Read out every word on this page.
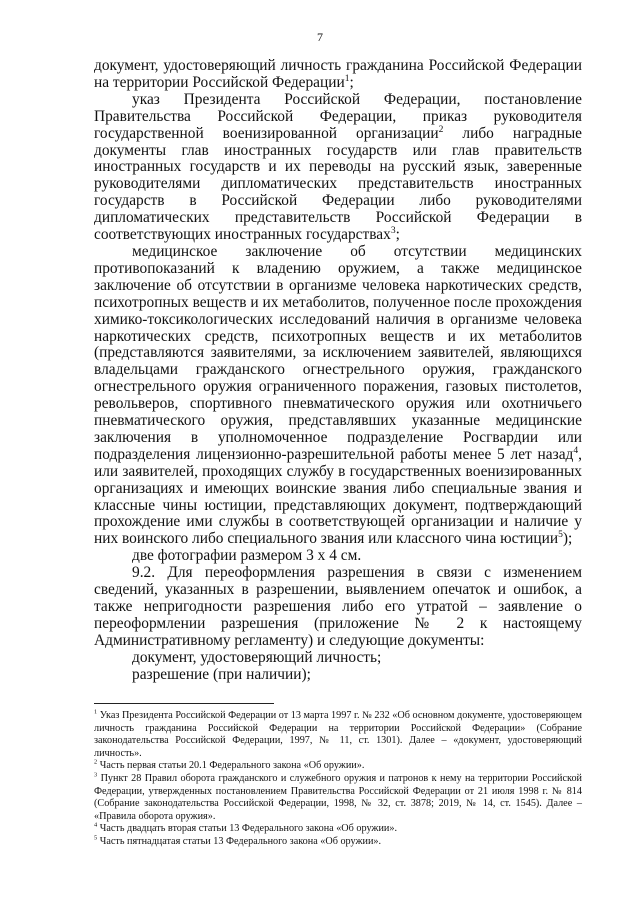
7

документ, удостоверяющий личность гражданина Российской Федерации на территории Российской Федерации$^1$;

указ Президента Российской Федерации, постановление Правительства Российской Федерации, приказ руководителя государственной военизированной организации$^2$ либо наградные документы глав иностранных государств или глав правительств иностранных государств и их переводы на русский язык, заверенные руководителями дипломатических представительств иностранных государств в Российской Федерации либо руководителями дипломатических представительств Российской Федерации в соответствующих иностранных государствах$^3$;

медицинское заключение об отсутствии медицинских противопоказаний к владению оружием, а также медицинское заключение об отсутствии в организме человека наркотических средств, психотропных веществ и их метаболитов, полученное после прохождения химико-токсикологических исследований наличия в организме человека наркотических средств, психотропных веществ и их метаболитов (представляются заявителями, за исключением заявителей, являющихся владельцами гражданского огнестрельного оружия, гражданского огнестрельного оружия ограниченного поражения, газовых пистолетов, револьверов, спортивного пневматического оружия или охотничьего пневматического оружия, представлявших указанные медицинские заключения в уполномоченное подразделение Росгвардии или подразделения лицензионно-разрешительной работы менее 5 лет назад$^4$, или заявителей, проходящих службу в государственных военизированных организациях и имеющих воинские звания либо специальные звания и классные чины юстиции, представляющих документ, подтверждающий прохождение ими службы в соответствующей организации и наличие у них воинского либо специального звания или классного чина юстиции$^5$);

две фотографии размером 3 х 4 см.

9.2. Для переоформления разрешения в связи с изменением сведений, указанных в разрешении, выявлением опечаток и ошибок, а также непригодности разрешения либо его утратой – заявление о переоформлении разрешения (приложение № 2 к настоящему Административному регламенту) и следующие документы:

документ, удостоверяющий личность;

разрешение (при наличии);

$^1$ Указ Президента Российской Федерации от 13 марта 1997 г. № 232 «Об основном документе, удостоверяющем личность гражданина Российской Федерации на территории Российской Федерации» (Собрание законодательства Российской Федерации, 1997, № 11, ст. 1301). Далее – «документ, удостоверяющий личность».

$^2$ Часть первая статьи 20.1 Федерального закона «Об оружии».

$^3$ Пункт 28 Правил оборота гражданского и служебного оружия и патронов к нему на территории Российской Федерации, утвержденных постановлением Правительства Российской Федерации от 21 июля 1998 г. № 814 (Собрание законодательства Российской Федерации, 1998, № 32, ст. 3878; 2019, № 14, ст. 1545). Далее – «Правила оборота оружия».

$^4$ Часть двадцать вторая статьи 13 Федерального закона «Об оружии».

$^5$ Часть пятнадцатая статьи 13 Федерального закона «Об оружии».
